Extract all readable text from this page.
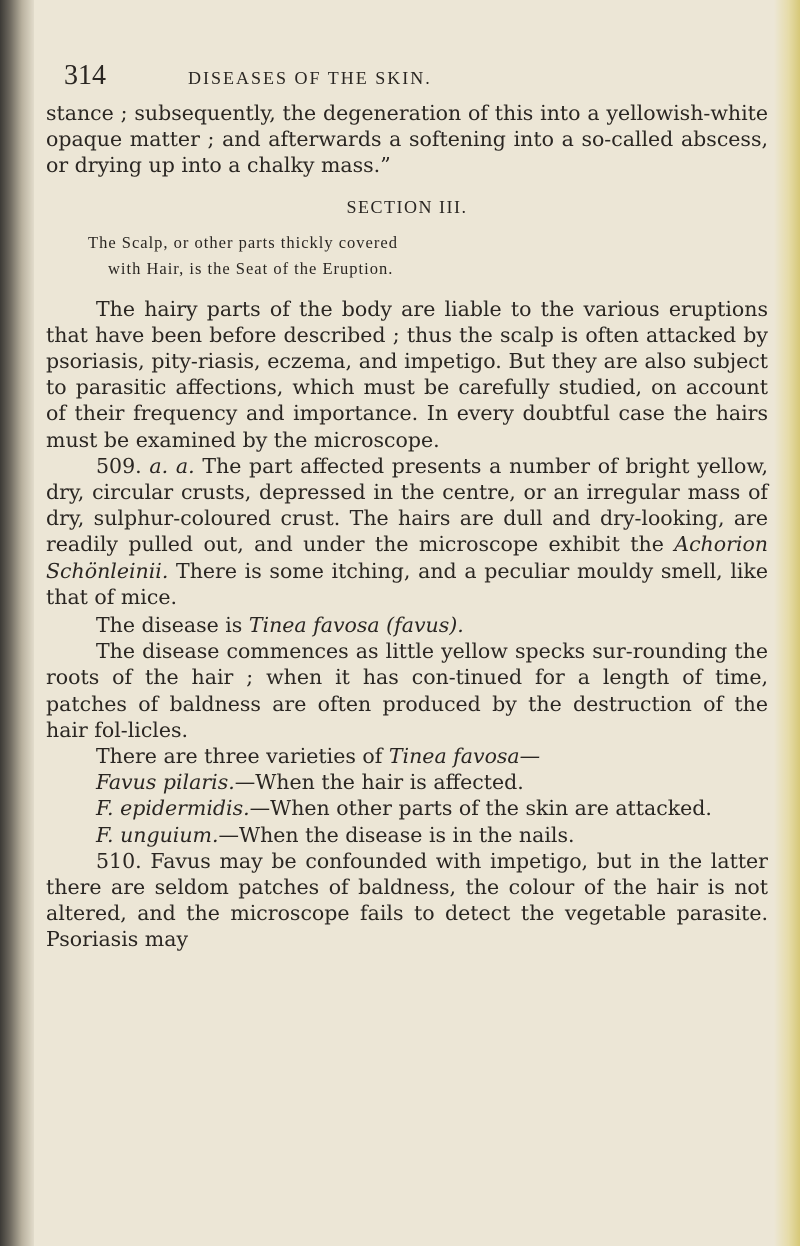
314	DISEASES OF THE SKIN.

stance ; subsequently, the degeneration of this into a yellowish-white opaque matter ; and afterwards a softening into a so-called abscess, or drying up into a chalky mass.”

SECTION III.
The Scalp, or other parts thickly covered
with Hair, is the Seat of the Eruption.

The hairy parts of the body are liable to the various eruptions that have been before described ; thus the scalp is often attacked by psoriasis, pity-riasis, eczema, and impetigo. But they are also subject to parasitic affections, which must be carefully studied, on account of their frequency and importance. In every doubtful case the hairs must be examined by the microscope.

509. a. a. The part affected presents a number of bright yellow, dry, circular crusts, depressed in the centre, or an irregular mass of dry, sulphur-coloured crust. The hairs are dull and dry-looking, are readily pulled out, and under the microscope exhibit the Achorion Schönleinii. There is some itching, and a peculiar mouldy smell, like that of mice.

The disease is Tinea favosa (favus).

The disease commences as little yellow specks sur-rounding the roots of the hair ; when it has con-tinued for a length of time, patches of baldness are often produced by the destruction of the hair fol-licles.

There are three varieties of Tinea favosa—

Favus pilaris.—When the hair is affected.

F. epidermidis.—When other parts of the skin are attacked.

F. unguium.—When the disease is in the nails.

510. Favus may be confounded with impetigo, but in the latter there are seldom patches of baldness, the colour of the hair is not altered, and the microscope fails to detect the vegetable parasite. Psoriasis may
